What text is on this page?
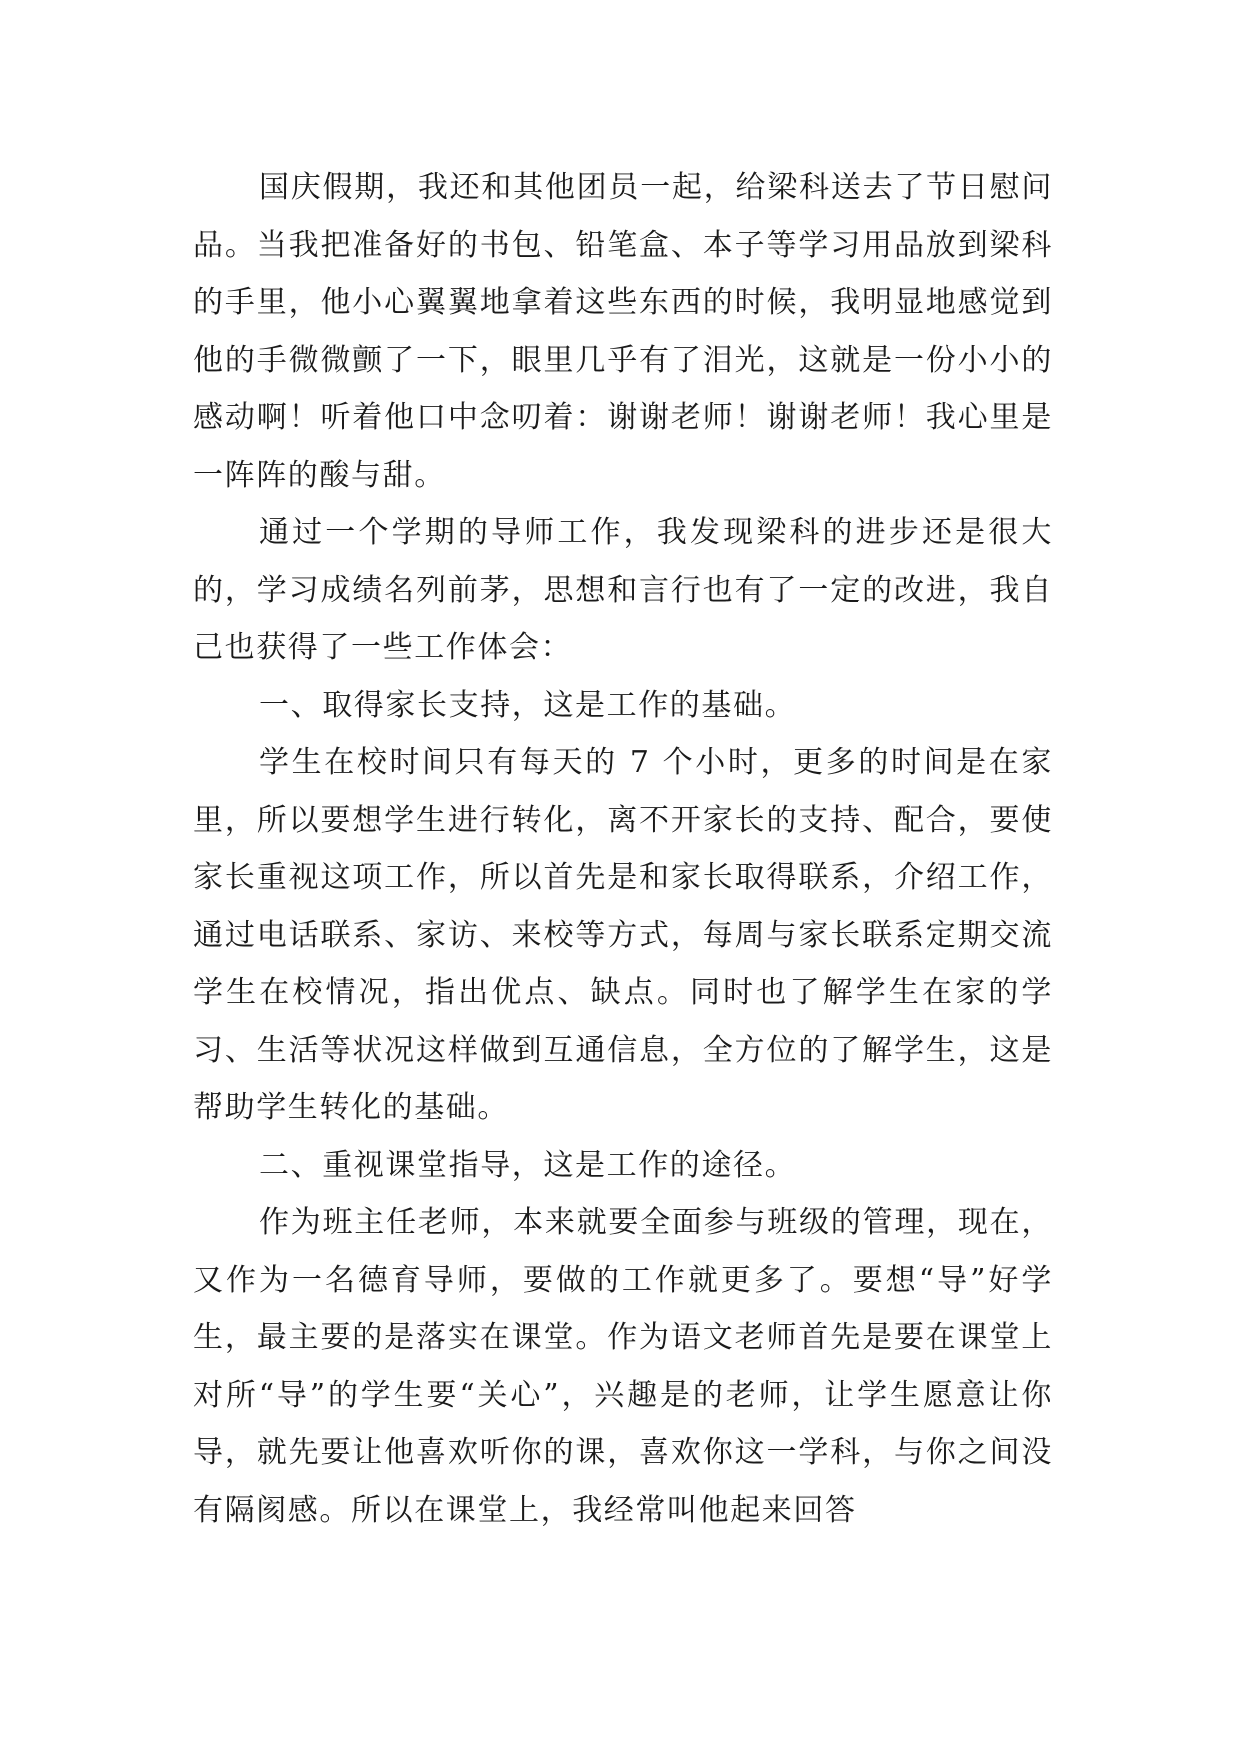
国庆假期，我还和其他团员一起，给梁科送去了节日慰问品。当我把准备好的书包、铅笔盒、本子等学习用品放到梁科的手里，他小心翼翼地拿着这些东西的时候，我明显地感觉到他的手微微颤了一下，眼里几乎有了泪光，这就是一份小小的感动啊！听着他口中念叨着：谢谢老师！谢谢老师！我心里是一阵阵的酸与甜。

通过一个学期的导师工作，我发现梁科的进步还是很大的，学习成绩名列前茅，思想和言行也有了一定的改进，我自己也获得了一些工作体会：

一、取得家长支持，这是工作的基础。

学生在校时间只有每天的 7 个小时，更多的时间是在家里，所以要想学生进行转化，离不开家长的支持、配合，要使家长重视这项工作，所以首先是和家长取得联系，介绍工作，通过电话联系、家访、来校等方式，每周与家长联系定期交流学生在校情况，指出优点、缺点。同时也了解学生在家的学习、生活等状况这样做到互通信息，全方位的了解学生，这是帮助学生转化的基础。

二、重视课堂指导，这是工作的途径。

作为班主任老师，本来就要全面参与班级的管理，现在，又作为一名德育导师，要做的工作就更多了。要想“导”好学生，最主要的是落实在课堂。作为语文老师首先是要在课堂上对所“导”的学生要“关心”，兴趣是的老师，让学生愿意让你导，就先要让他喜欢听你的课，喜欢你这一学科，与你之间没有隔阂感。所以在课堂上，我经常叫他起来回答
